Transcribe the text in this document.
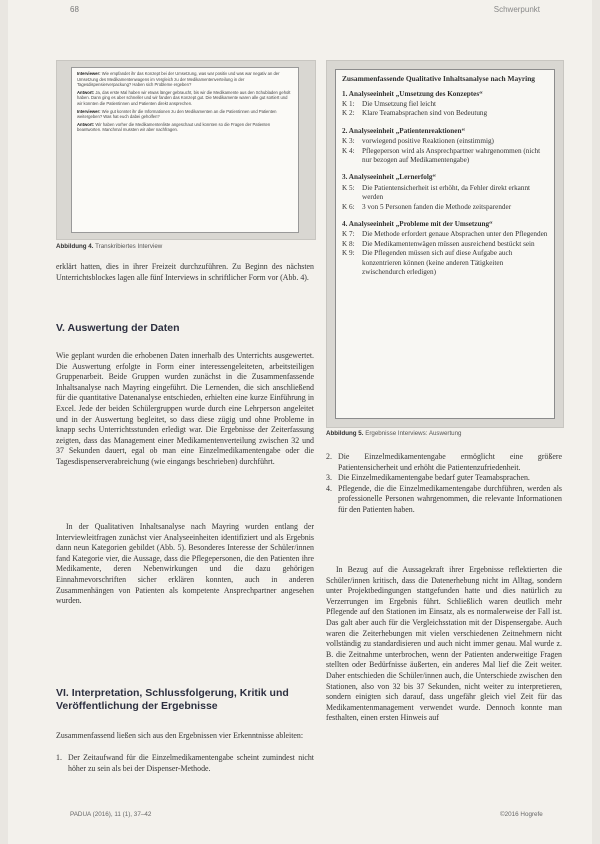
68	Schwerpunkt

Interviewer: Wie empfandet ihr das Konzept bei der Umsetzung, was war positiv und was war negativ an der Umsetzung des Medikamentenwagens im Vergleich zu der Medikamentenverteilung in der Tagesdispensierverpackung? Haben sich Probleme ergeben?

Antwort: Ja, das erste Mal haben wir etwas länger gebraucht, bis wir die Medikamente aus den Schubladen geholt haben. Dann ging es aber schneller und wir fanden das Konzept gut. Die Medikamente waren alle gut sortiert und wir konnten die Patientinnen und Patienten direkt ansprechen.

Interviewer: Wie gut konntet ihr die Informationen zu den Medikamenten an die Patientinnen und Patienten weitergeben? Was hat euch dabei geholfen?

Antwort: Wir haben vorher die Medikamentenliste angeschaut und konnten so die Fragen der Patienten beantworten. Manchmal mussten wir aber nachfragen.

Abbildung 4. Transkribiertes Interview
erklärt hatten, dies in ihrer Freizeit durchzuführen. Zu Beginn des nächsten Unterrichtsblockes lagen alle fünf Interviews in schriftlicher Form vor (Abb. 4).
V. Auswertung der Daten
Wie geplant wurden die erhobenen Daten innerhalb des Unterrichts ausgewertet. Die Auswertung erfolgte in Form einer interessengeleiteten, arbeitsteiligen Gruppenarbeit. Beide Gruppen wurden zunächst in die Zusammenfassende Inhaltsanalyse nach Mayring eingeführt. Die Lernenden, die sich anschließend für die quantitative Datenanalyse entschieden, erhielten eine kurze Einführung in Excel. Jede der beiden Schülergruppen wurde durch eine Lehrperson angeleitet und in der Auswertung begleitet, so dass diese zügig und ohne Probleme in knapp sechs Unterrichtsstunden erledigt war. Die Ergebnisse der Zeiterfassung zeigten, dass das Management einer Medikamentenverteilung zwischen 32 und 37 Sekunden dauert, egal ob man eine Einzelmedikamentengabe oder die Tagesdispenserverabreichung (wie eingangs beschrieben) durchführt.
In der Qualitativen Inhaltsanalyse nach Mayring wurden entlang der Interviewleitfragen zunächst vier Analyseeinheiten identifiziert und als Ergebnis dann neun Kategorien gebildet (Abb. 5). Besonderes Interesse der Schüler/innen fand Kategorie vier, die Aussage, dass die Pflegepersonen, die den Patienten ihre Medikamente, deren Nebenwirkungen und die dazu gehörigen Einnahmevorschriften sicher erklären konnten, auch in anderen Zusammenhängen von Patienten als kompetente Ansprechpartner angesehen wurden.
VI. Interpretation, Schlussfolgerung, Kritik und Veröffentlichung der Ergebnisse
Zusammenfassend ließen sich aus den Ergebnissen vier Erkenntnisse ableiten:
1. Der Zeitaufwand für die Einzelmedikamentengabe scheint zumindest nicht höher zu sein als bei der Dispenser-Methode.
Zusammenfassende Qualitative Inhaltsanalyse nach Mayring
1. Analyseeinheit „Umsetzung des Konzeptes“
K 1:	Die Umsetzung fiel leicht
K 2:	Klare Teamabsprachen sind von Bedeutung
2. Analyseeinheit „Patientenreaktionen“
K 3:	vorwiegend positive Reaktionen (einstimmig)
K 4:	Pflegeperson wird als Ansprechpartner wahrgenommen (nicht nur bezogen auf Medikamentengabe)
3. Analyseeinheit „Lernerfolg“
K 5:	Die Patientensicherheit ist erhöht, da Fehler direkt erkannt werden
K 6:	3 von 5 Personen fanden die Methode zeitsparender
4. Analyseeinheit „Probleme mit der Umsetzung“
K 7:	Die Methode erfordert genaue Absprachen unter den Pflegenden
K 8:	Die Medikamentenwägen müssen ausreichend bestückt sein
K 9:	Die Pflegenden müssen sich auf diese Aufgabe auch konzentrieren können (keine anderen Tätigkeiten zwischendurch erledigen)
Abbildung 5. Ergebnisse Interviews: Auswertung
2. Die Einzelmedikamentengabe ermöglicht eine größere Patientensicherheit und erhöht die Patientenzufriedenheit.
3. Die Einzelmedikamentengabe bedarf guter Teamabsprachen.
4. Pflegende, die die Einzelmedikamentengabe durchführen, werden als professionelle Personen wahrgenommen, die relevante Informationen für den Patienten haben.
In Bezug auf die Aussagekraft ihrer Ergebnisse reflektierten die Schüler/innen kritisch, dass die Datenerhebung nicht im Alltag, sondern unter Projektbedingungen stattgefunden hatte und dies natürlich zu Verzerrungen im Ergebnis führt. Schließlich waren deutlich mehr Pflegende auf den Stationen im Einsatz, als es normalerweise der Fall ist. Das galt aber auch für die Vergleichsstation mit der Dispensergabe. Auch waren die Zeiterhebungen mit vielen verschiedenen Zeitnehmern nicht vollständig zu standardisieren und auch nicht immer genau. Mal wurde z. B. die Zeitnahme unterbrochen, wenn der Patienten anderweitige Fragen stellten oder Bedürfnisse äußerten, ein anderes Mal lief die Zeit weiter. Daher entschieden die Schüler/innen auch, die Unterschiede zwischen den Stationen, also von 32 bis 37 Sekunden, nicht weiter zu interpretieren, sondern einigten sich darauf, dass ungefähr gleich viel Zeit für das Medikamentenmanagement verwendet wurde. Dennoch konnte man festhalten, einen ersten Hinweis auf
PADUA (2016), 11 (1), 37–42	©2016 Hogrefe
